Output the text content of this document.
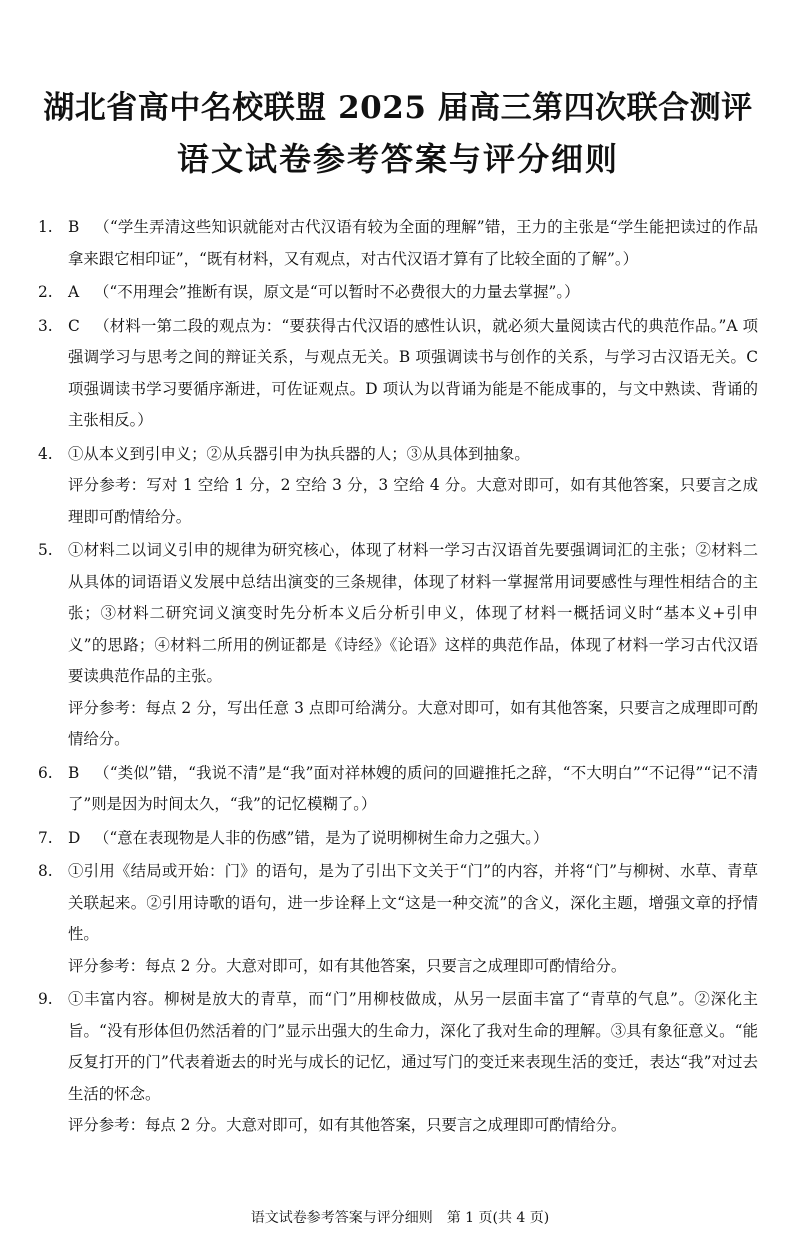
湖北省高中名校联盟 2025 届高三第四次联合测评
语文试卷参考答案与评分细则
1. B （“学生弄清这些知识就能对古代汉语有较为全面的理解”错，王力的主张是“学生能把读过的作品拿来跟它相印证”，“既有材料，又有观点，对古代汉语才算有了比较全面的了解”。）
2. A （“不用理会”推断有误，原文是“可以暂时不必费很大的力量去掌握”。）
3. C （材料一第二段的观点为：“要获得古代汉语的感性认识，就必须大量阅读古代的典范作品。”A 项强调学习与思考之间的辩证关系，与观点无关。B 项强调读书与创作的关系，与学习古汉语无关。C 项强调读书学习要循序渐进，可佐证观点。D 项认为以背诵为能是不能成事的，与文中熟读、背诵的主张相反。）
4. ①从本义到引申义；②从兵器引申为执兵器的人；③从具体到抽象。
评分参考：写对 1 空给 1 分，2 空给 3 分，3 空给 4 分。大意对即可，如有其他答案，只要言之成理即可酌情给分。
5. ①材料二以词义引申的规律为研究核心，体现了材料一学习古汉语首先要强调词汇的主张；②材料二从具体的词语语义发展中总结出演变的三条规律，体现了材料一掌握常用词要感性与理性相结合的主张；③材料二研究词义演变时先分析本义后分析引申义，体现了材料一概括词义时“基本义+引申义”的思路；④材料二所用的例证都是《诗经》《论语》这样的典范作品，体现了材料一学习古代汉语要读典范作品的主张。
评分参考：每点 2 分，写出任意 3 点即可给满分。大意对即可，如有其他答案，只要言之成理即可酌情给分。
6. B （“类似”错，“我说不清”是“我”面对祥林嫂的质问的回避推托之辞，“不大明白”“不记得”“记不清了”则是因为时间太久，“我”的记忆模糊了。）
7. D （“意在表现物是人非的伤感”错，是为了说明柳树生命力之强大。）
8. ①引用《结局或开始：门》的语句，是为了引出下文关于“门”的内容，并将“门”与柳树、水草、青草关联起来。②引用诗歌的语句，进一步诠释上文“这是一种交流”的含义，深化主题，增强文章的抒情性。
评分参考：每点 2 分。大意对即可，如有其他答案，只要言之成理即可酌情给分。
9. ①丰富内容。柳树是放大的青草，而“门”用柳枝做成，从另一层面丰富了“青草的气息”。②深化主旨。“没有形体但仍然活着的门”显示出强大的生命力，深化了我对生命的理解。③具有象征意义。“能反复打开的门”代表着逝去的时光与成长的记忆，通过写门的变迁来表现生活的变迁，表达“我”对过去生活的怀念。
评分参考：每点 2 分。大意对即可，如有其他答案，只要言之成理即可酌情给分。
语文试卷参考答案与评分细则　第 1 页(共 4 页)
